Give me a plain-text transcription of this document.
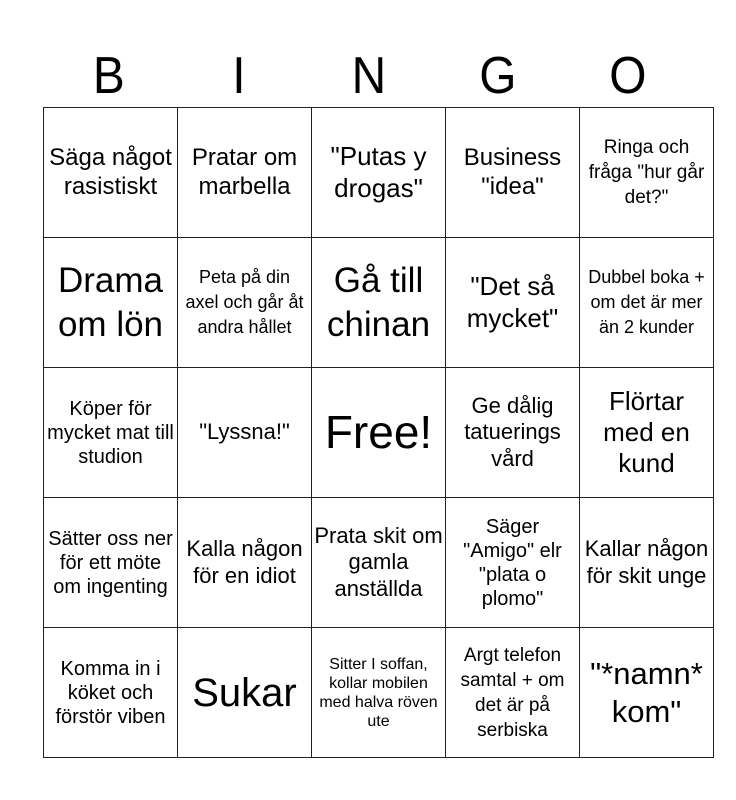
B	I	N	G	O
Säga något rasistiskt	Pratar om marbella	"Putas y drogas"	Business "idea"	Ringa och fråga "hur går det?"
Drama om lön	Peta på din axel och går åt andra hållet	Gå till chinan	"Det så mycket"	Dubbel boka + om det är mer än 2 kunder
Köper för mycket mat till studion	"Lyssna!"	Free!	Ge dålig tatuerings vård	Flörtar med en kund
Sätter oss ner för ett möte om ingenting	Kalla någon för en idiot	Prata skit om gamla anställda	Säger "Amigo" elr "plata o plomo"	Kallar någon för skit unge
Komma in i köket och förstör viben	Sukar	Sitter I soffan, kollar mobilen med halva röven ute	Argt telefon samtal + om det är på serbiska	"*namn* kom"
